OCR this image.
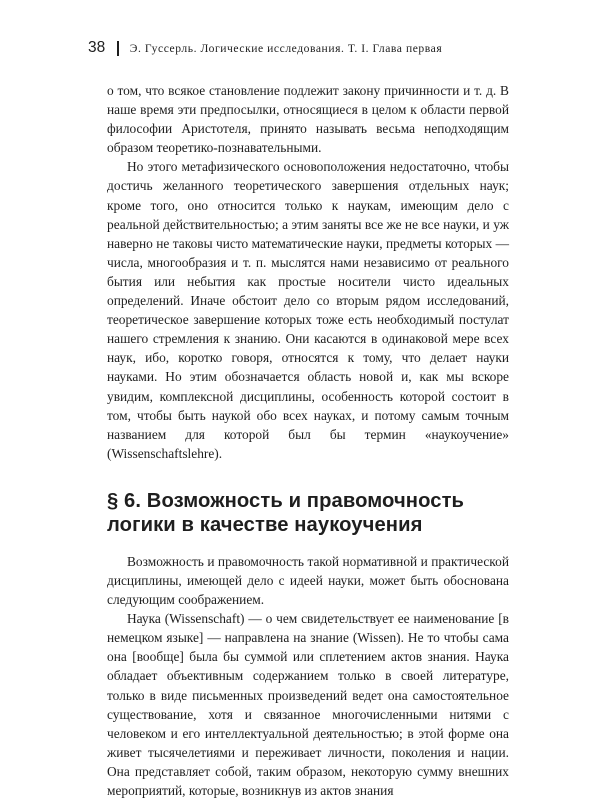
38 Э. Гуссерль. Логические исследования. Т. I. Глава первая

о том, что всякое становление подлежит закону причинности и т. д. В наше время эти предпосылки, относящиеся в целом к области первой философии Аристотеля, принято называть весьма неподходящим образом теоретико-познавательными.

Но этого метафизического основоположения недостаточно, чтобы достичь желанного теоретического завершения отдельных наук; кроме того, оно относится только к наукам, имеющим дело с реальной действительностью; а этим заняты все же не все науки, и уж наверно не таковы чисто математические науки, предметы которых — числа, многообразия и т. п. мыслятся нами независимо от реального бытия или небытия как простые носители чисто идеальных определений. Иначе обстоит дело со вторым рядом исследований, теоретическое завершение которых тоже есть необходимый постулат нашего стремления к знанию. Они касаются в одинаковой мере всех наук, ибо, коротко говоря, относятся к тому, что делает науки науками. Но этим обозначается область новой и, как мы вскоре увидим, комплексной дисциплины, особенность которой состоит в том, чтобы быть наукой обо всех науках, и потому самым точным названием для которой был бы термин «наукоучение» (Wissenschaftslehre).

§ 6. Возможность и правомочность
логики в качестве наукоучения

Возможность и правомочность такой нормативной и практической дисциплины, имеющей дело с идеей науки, может быть обоснована следующим соображением.

Наука (Wissenschaft) — о чем свидетельствует ее наименование [в немецком языке] — направлена на знание (Wissen). Не то чтобы сама она [вообще] была бы суммой или сплетением актов знания. Наука обладает объективным содержанием только в своей литературе, только в виде письменных произведений ведет она самостоятельное существование, хотя и связанное многочисленными нитями с человеком и его интеллектуальной деятельностью; в этой форме она живет тысячелетиями и переживает личности, поколения и нации. Она представляет собой, таким образом, некоторую сумму внешних мероприятий, которые, возникнув из актов знания
